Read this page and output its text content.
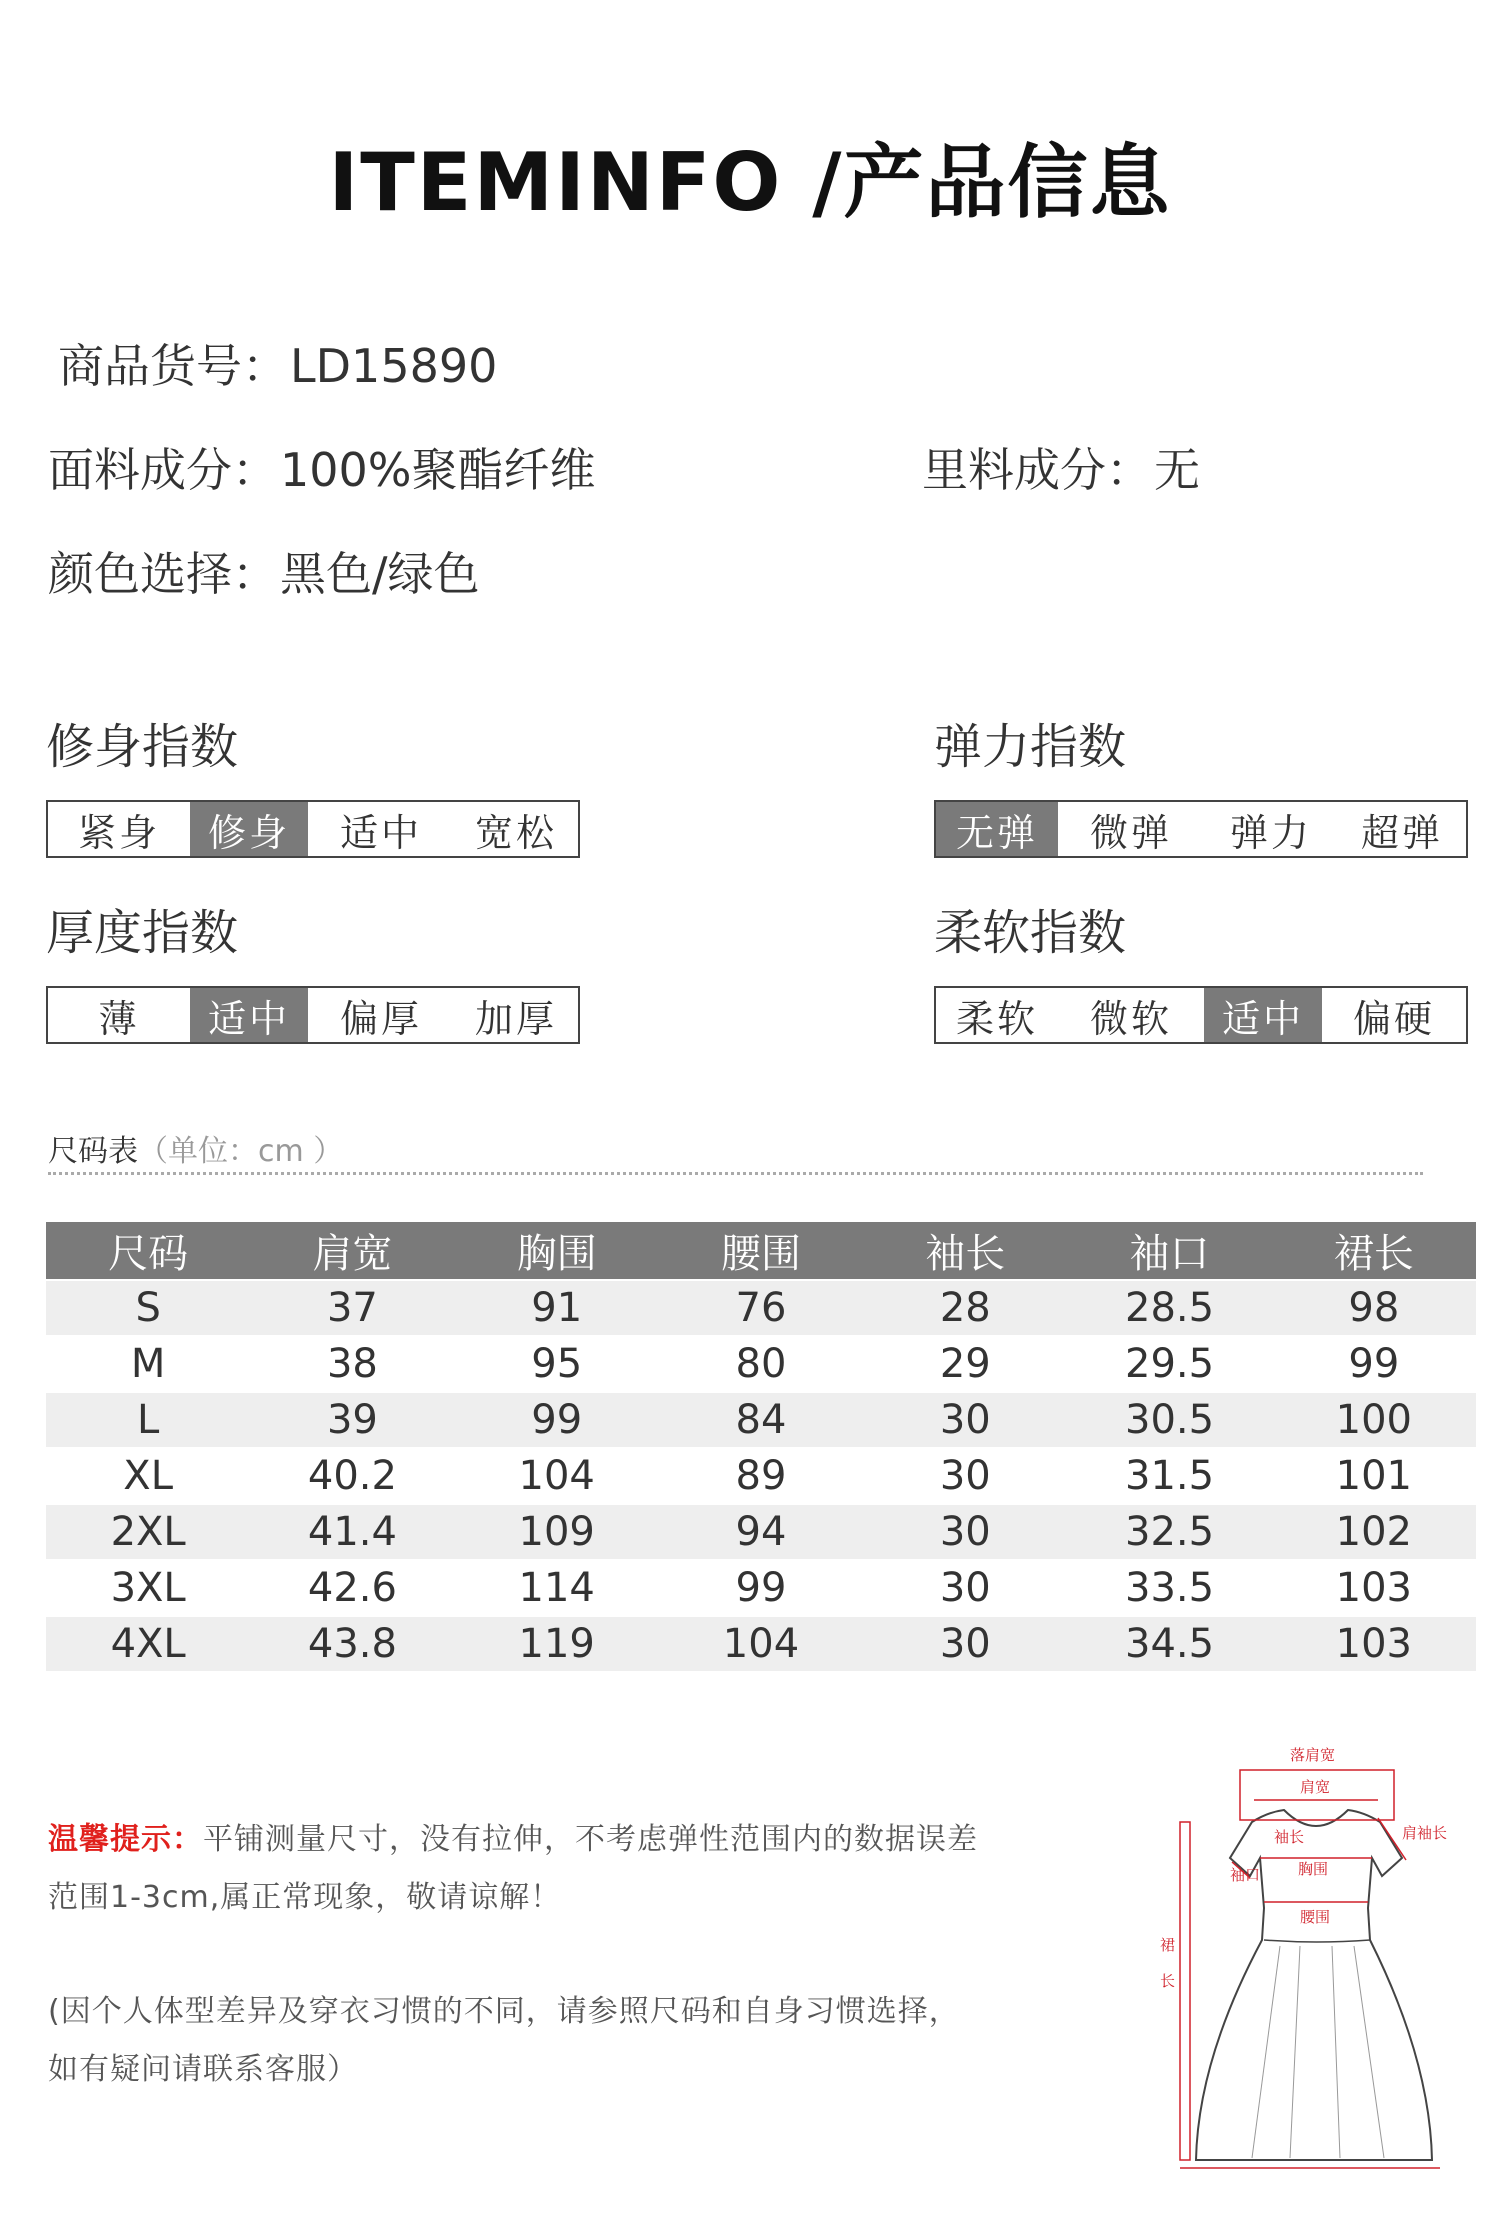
ITEMINFO /产品信息
商品货号：LD15890
面料成分：100%聚酯纤维	里料成分：无
颜色选择：黑色/绿色
修身指数
紧身	修身	适中	宽松
弹力指数
无弹	微弹	弹力	超弹
厚度指数
薄	适中	偏厚	加厚
柔软指数
柔软	微软	适中	偏硬
尺码表（单位：cm ）
尺码	肩宽	胸围	腰围	袖长	袖口	裙长
S	37	91	76	28	28.5	98
M	38	95	80	29	29.5	99
L	39	99	84	30	30.5	100
XL	40.2	104	89	30	31.5	101
2XL	41.4	109	94	30	32.5	102
3XL	42.6	114	99	30	33.5	103
4XL	43.8	119	104	30	34.5	103
温馨提示：平铺测量尺寸，没有拉伸，不考虑弹性范围内的数据误差
范围1-3cm,属正常现象，敬请谅解！
(因个人体型差异及穿衣习惯的不同，请参照尺码和自身习惯选择，
如有疑问请联系客服）
落肩宽
肩宽
肩袖长
袖长
胸围
袖口
腰围
裙
长
